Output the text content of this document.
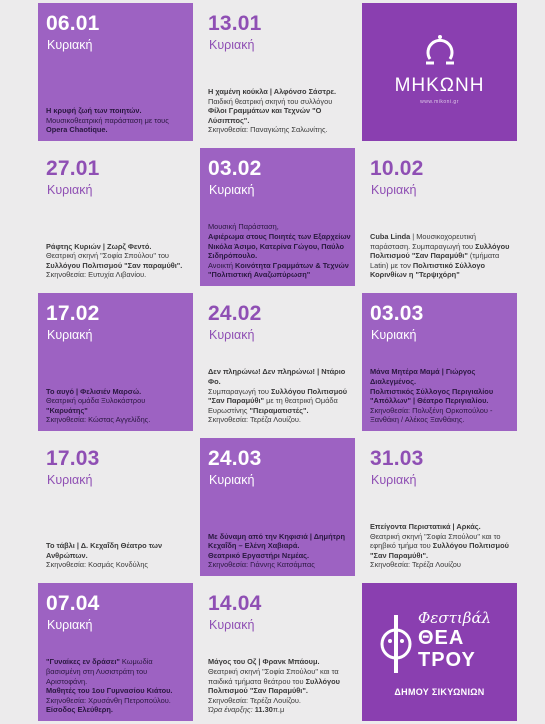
06.01
Κυριακή

Η κρυφή ζωή των ποιητών.
Μουσικοθεατρική παράσταση με τους Opera Chaotique.

13.01
Κυριακή

Η χαμένη κούκλα | Αλφόνσο Σάστρε.
Παιδική θεατρική σκηνή του συλλόγου Φίλοι Γραμμάτων και Τεχνών "Ο Λύσιππος".
Σκηνοθεσία: Παναγιώτης Σαλωνίτης.

ΜΗΚΩΝΗ
www.mikoni.gr
27.01
Κυριακή

Ράφτης Κυριών | Ζωρζ Φεντό.
Θεατρική σκηνή "Σοφία Σπούλου" του Συλλόγου Πολιτισμού "Σαν παραμύθι".
Σκηνοθεσία: Ευτυχία Λιβανίου.

03.02
Κυριακή

Μουσική Παράσταση,
Αφιέρωμα στους Ποιητές των Εξαρχείων Νικόλα Άσιμο, Κατερίνα Γώγου, Παύλο Σιδηρόπουλο.
Ανοικτή Κοινότητα Γραμμάτων & Τεχνών "Πολιτιστική Αναζωπύρωση"

10.02
Κυριακή

Cuba Linda | Μουσικοχορευτική παράσταση. Συμπαραγωγή του Συλλόγου Πολιτισμού "Σαν Παραμύθι" (τμήματα Latin) με τον Πολιτιστικό Σύλλογο Κορινθίων η "Τερψιχόρη"

17.02
Κυριακή

Το αυγό | Φελισιέν Μαρσώ.
Θεατρική ομάδα Ξυλοκάστρου "Καρυάτης"
Σκηνοθεσία: Κώστας Αγγελίδης.

24.02
Κυριακή

Δεν πληρώνω! Δεν πληρώνω! | Ντάριο Φο.
Συμπαραγωγή του Συλλόγου Πολιτισμού "Σαν Παραμύθι" με τη θεατρική Ομάδα Ευρωστίνης "Πειραματιστές".
Σκηνοθεσία: Τερέζα Λουίζου.

03.03
Κυριακή

Μάνα Μητέρα Μαμά | Γιώργος Διαλεγμένος.
Πολιτιστικός Σύλλογος Περιγιαλίου "Απόλλων" | Θέατρο Περιγιαλίου.
Σκηνοθεσία: Πολυξένη Ορκοπούλου - Ξανθάκη / Αλέκος Ξανθάκης.

17.03
Κυριακή

Το τάβλι | Δ. Κεχαΐδη Θέατρο των Ανθρώπων.
Σκηνοθεσία: Κοσμάς Κονδύλης

24.03
Κυριακή

Με δύναμη από την Κηφισιά | Δημήτρη Κεχαΐδη – Ελένη Χαβιαρά.
Θεατρικό Εργαστήρι Νεμέας.
Σκηνοθεσία: Γιάννης Κατσάμπας

31.03
Κυριακή

Επείγοντα Περιστατικά | Αρκάς.
Θεατρική σκηνή "Σοφία Σπούλου" και το εφηβικό τμήμα του Συλλόγου Πολιτισμού "Σαν Παραμύθι".
Σκηνοθεσία: Τερέζα Λουίζου

07.04
Κυριακή

"Γυναίκες εν δράσει" Κωμωδία βασισμένη στη Λυσιστράτη του Αριστοφάνη.
Μαθητές του 1ου Γυμνασίου Κιάτου.
Σκηνοθεσία: Χρυσάνθη Πετροπούλου.
Είσοδος Ελεύθερη.

14.04
Κυριακή

Μάγος του Οζ | Φρανκ Μπάουμ.
Θεατρική σκηνή "Σοφία Σπούλου" και τα παιδικά τμήματα θεάτρου του Συλλόγου Πολιτισμού "Σαν Παραμύθι".
Σκηνοθεσία: Τερέζα Λουίζου.
Ώρα έναρξης: 11.30π.μ

Φεστιβάλ
ΘΕΑ
ΤΡΟΥ
ΔΗΜΟΥ ΣΙΚΥΩΝΙΩΝ
